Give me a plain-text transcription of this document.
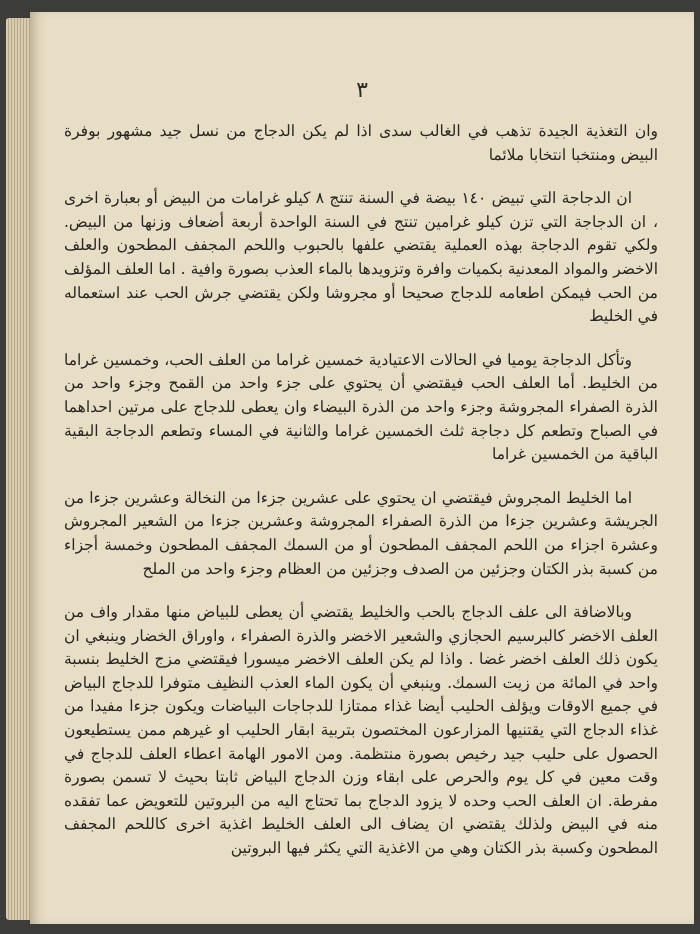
٣

وان التغذية الجيدة تذهب في الغالب سدى اذا لم يكن الدجاج من نسل جيد مشهور بوفرة البيض ومنتخبا انتخابا ملائما

ان الدجاجة التي تبيض ١٤٠ بيضة في السنة تنتج ٨ كيلو غرامات من البيض أو بعبارة اخرى ، ان الدجاجة التي تزن كيلو غرامين تنتج في السنة الواحدة أربعة أضعاف وزنها من البيض. ولكي تقوم الدجاجة بهذه العملية يقتضي علفها بالحبوب واللحم المجفف المطحون والعلف الاخضر والمواد المعدنية بكميات وافرة وتزويدها بالماء العذب بصورة وافية . اما العلف المؤلف من الحب فيمكن اطعامه للدجاج صحيحا أو مجروشا ولكن يقتضي جرش الحب عند استعماله في الخليط

وتأكل الدجاجة يوميا في الحالات الاعتيادية خمسين غراما من العلف الحب، وخمسين غراما من الخليط. أما العلف الحب فيقتضي أن يحتوي على جزء واحد من القمح وجزء واحد من الذرة الصفراء المجروشة وجزء واحد من الذرة البيضاء وان يعطى للدجاج على مرتين احداهما في الصباح وتطعم كل دجاجة ثلث الخمسين غراما والثانية في المساء وتطعم الدجاجة البقية الباقية من الخمسين غراما

اما الخليط المجروش فيقتضي ان يحتوي على عشرين جزءا من النخالة وعشرين جزءا من الجريشة وعشرين جزءا من الذرة الصفراء المجروشة وعشرين جزءا من الشعير المجروش وعشرة اجزاء من اللحم المجفف المطحون أو من السمك المجفف المطحون وخمسة أجزاء من كسبة بذر الكتان وجزئين من الصدف وجزئين من العظام وجزء واحد من الملح

وبالاضافة الى علف الدجاج بالحب والخليط يقتضي أن يعطى للبياض منها مقدار واف من العلف الاخضر كالبرسيم الحجازي والشعير الاخضر والذرة الصفراء ، واوراق الخضار وينبغي ان يكون ذلك العلف اخضر غضا . واذا لم يكن العلف الاخضر ميسورا فيقتضي مزج الخليط بنسبة واحد في المائة من زيت السمك. وينبغي أن يكون الماء العذب النظيف متوفرا للدجاج البياض في جميع الاوقات ويؤلف الحليب أيضا غذاء ممتازا للدجاجات البياضات ويكون جزءا مفيدا من غذاء الدجاج التي يقتنيها المزارعون المختصون بتربية ابقار الحليب او غيرهم ممن يستطيعون الحصول على حليب جيد رخيص بصورة منتظمة. ومن الامور الهامة اعطاء العلف للدجاج في وقت معين في كل يوم والحرص على ابقاء وزن الدجاج البياض ثابتا بحيث لا تسمن بصورة مفرطة. ان العلف الحب وحده لا يزود الدجاج بما تحتاج اليه من البروتين للتعويض عما تفقده منه في البيض ولذلك يقتضي ان يضاف الى العلف الخليط اغذية اخرى كاللحم المجفف المطحون وكسبة بذر الكتان وهي من الاغذية التي يكثر فيها البروتين
